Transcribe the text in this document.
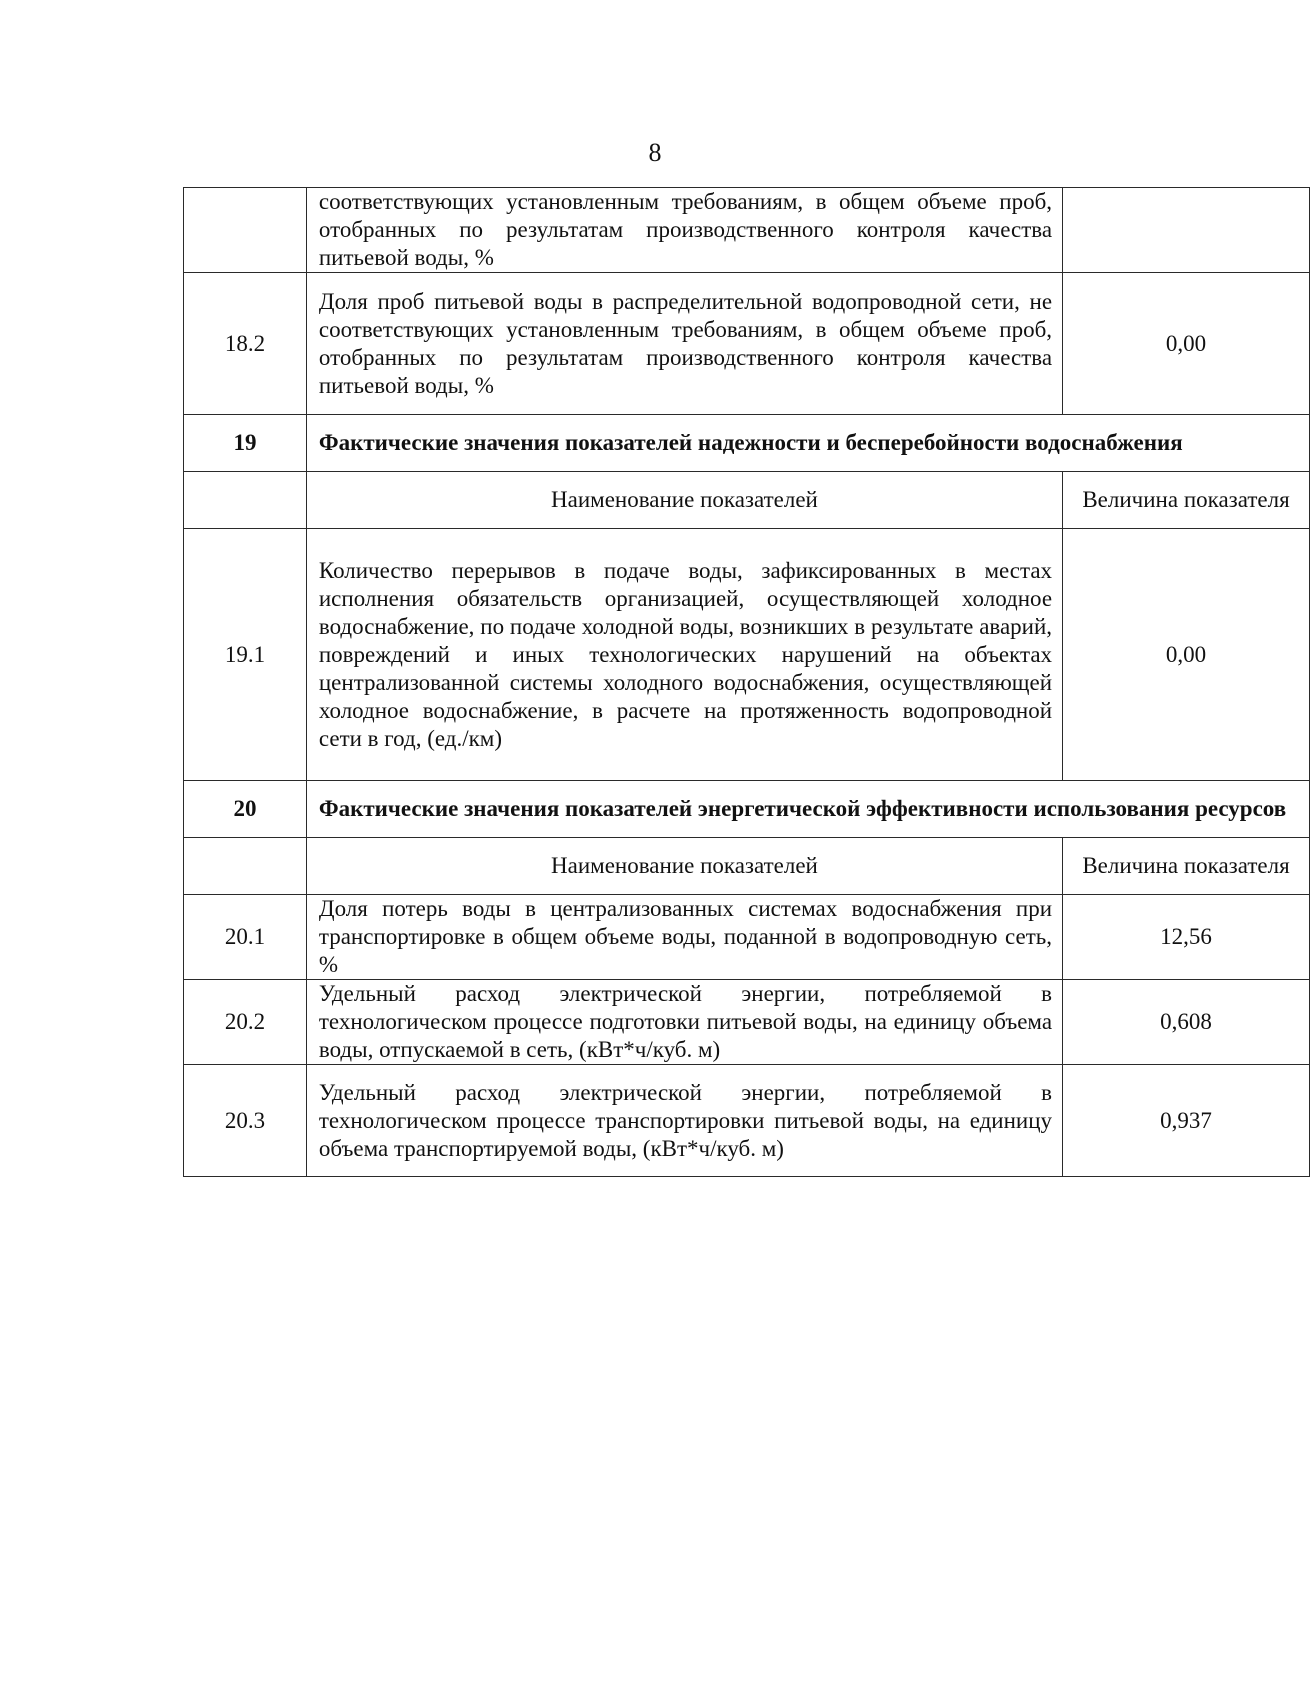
8
	соответствующих установленным требованиям, в общем объеме проб, отобранных по результатам производственного контроля качества питьевой воды, %	
18.2	Доля проб питьевой воды в распределительной водопроводной сети, не соответствующих установленным требованиям, в общем объеме проб, отобранных по результатам производственного контроля качества питьевой воды, %	0,00
19	Фактические значения показателей надежности и бесперебойности водоснабжения	
	Наименование показателей	Величина показателя
19.1	Количество перерывов в подаче воды, зафиксированных в местах исполнения обязательств организацией, осуществляющей холодное водоснабжение, по подаче холодной воды, возникших в результате аварий, повреждений и иных технологических нарушений на объектах централизованной системы холодного водоснабжения, осуществляющей холодное водоснабжение, в расчете на протяженность водопроводной сети в год, (ед./км)	0,00
20	Фактические значения показателей энергетической эффективности использования ресурсов	
	Наименование показателей	Величина показателя
20.1	Доля потерь воды в централизованных системах водоснабжения при транспортировке в общем объеме воды, поданной в водопроводную сеть, %	12,56
20.2	Удельный расход электрической энергии, потребляемой в технологическом процессе подготовки питьевой воды, на единицу объема воды, отпускаемой в сеть, (кВт*ч/куб. м)	0,608
20.3	Удельный расход электрической энергии, потребляемой в технологическом процессе транспортировки питьевой воды, на единицу объема транспортируемой воды, (кВт*ч/куб. м)	0,937
